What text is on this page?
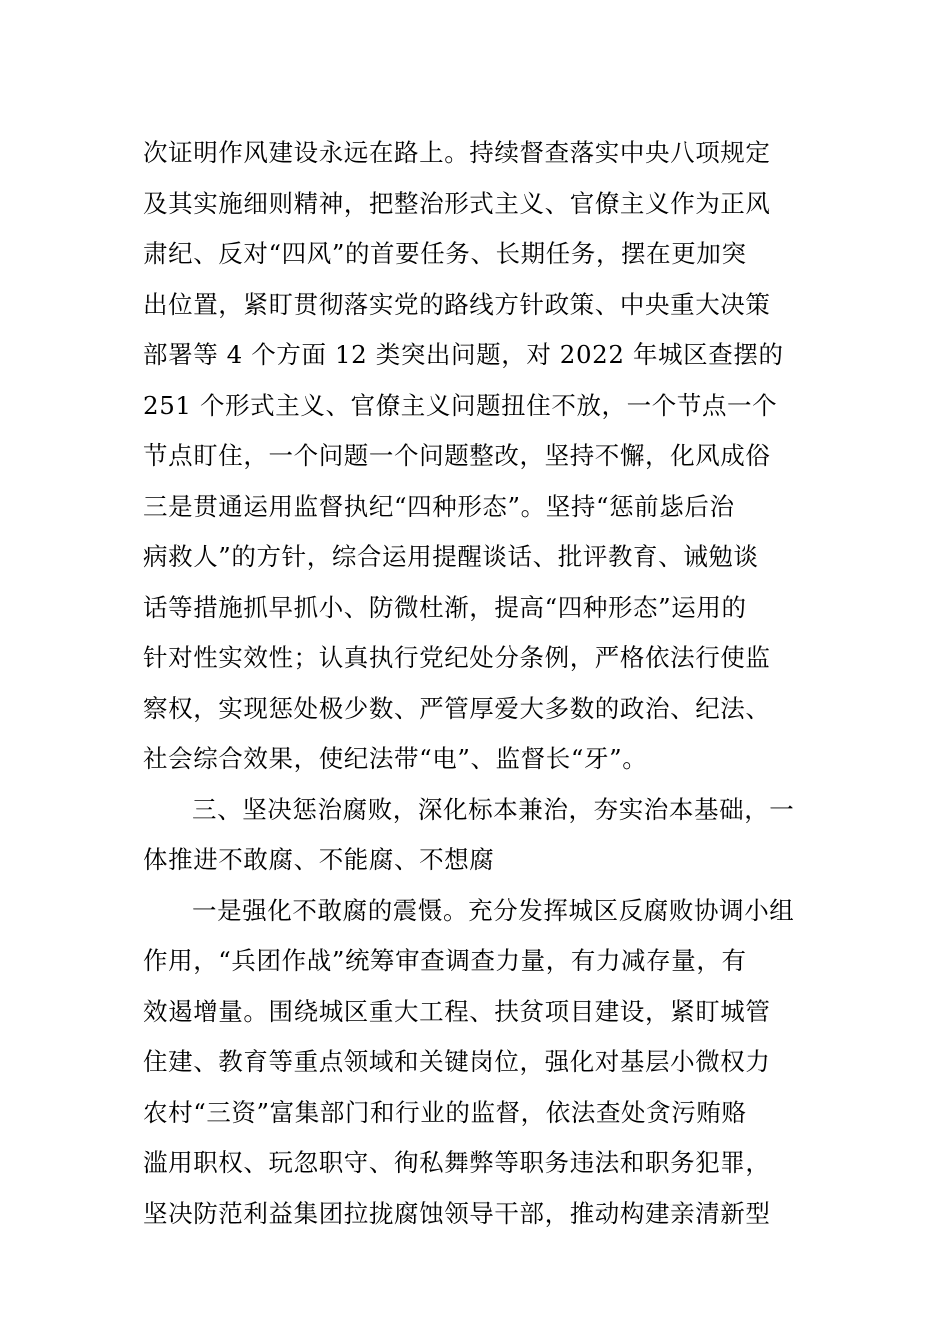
次证明作风建设永远在路上。持续督查落实中央八项规定
及其实施细则精神，把整治形式主义、官僚主义作为正风
肃纪、反对“四风”的首要任务、长期任务，摆在更加突
出位置，紧盯贯彻落实党的路线方针政策、中央重大决策
部署等 4 个方面 12 类突出问题，对 2022 年城区查摆的
251 个形式主义、官僚主义问题扭住不放，一个节点一个
节点盯住，一个问题一个问题整改，坚持不懈，化风成俗
三是贯通运用监督执纪“四种形态”。坚持“惩前毖后治
病救人”的方针，综合运用提醒谈话、批评教育、诫勉谈
话等措施抓早抓小、防微杜渐，提高“四种形态”运用的
针对性实效性；认真执行党纪处分条例，严格依法行使监
察权，实现惩处极少数、严管厚爱大多数的政治、纪法、
社会综合效果，使纪法带“电”、监督长“牙”。
三、坚决惩治腐败，深化标本兼治，夯实治本基础，一
体推进不敢腐、不能腐、不想腐
一是强化不敢腐的震慑。充分发挥城区反腐败协调小组
作用，“兵团作战”统筹审查调查力量，有力减存量，有
效遏增量。围绕城区重大工程、扶贫项目建设，紧盯城管
住建、教育等重点领域和关键岗位，强化对基层小微权力
农村“三资”富集部门和行业的监督，依法查处贪污贿赂
滥用职权、玩忽职守、徇私舞弊等职务违法和职务犯罪，
坚决防范利益集团拉拢腐蚀领导干部，推动构建亲清新型
